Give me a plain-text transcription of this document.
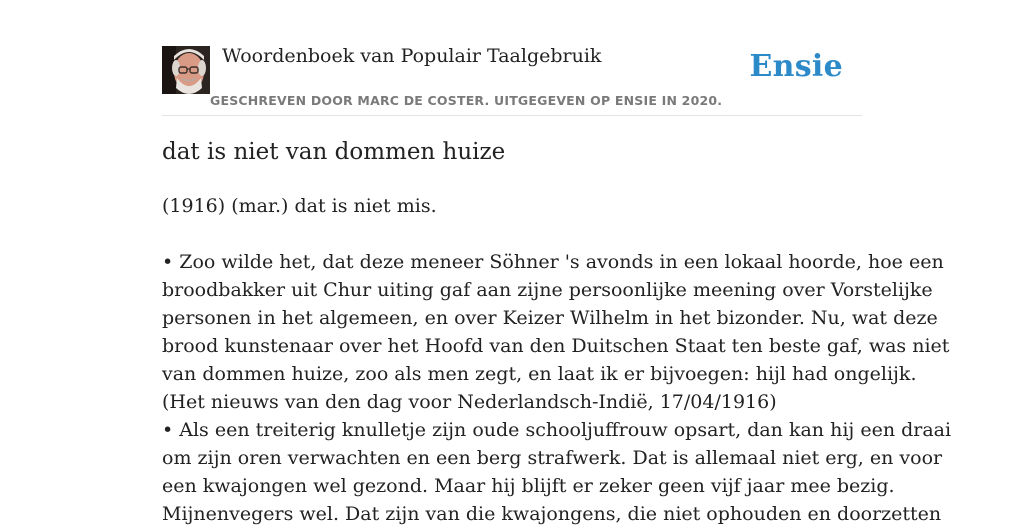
Woordenboek van Populair Taalgebruik
GESCHREVEN DOOR MARC DE COSTER. UITGEGEVEN OP ENSIE IN 2020.
Ensie
dat is niet van dommen huize
(1916) (mar.) dat is niet mis.
• Zoo wilde het, dat deze meneer Söhner 's avonds in een lokaal hoorde, hoe een
broodbakker uit Chur uiting gaf aan zijne persoonlijke meening over Vorstelijke
personen in het algemeen, en over Keizer Wilhelm in het bizonder. Nu, wat deze
brood kunstenaar over het Hoofd van den Duitschen Staat ten beste gaf, was niet
van dommen huize, zoo als men zegt, en laat ik er bijvoegen: hijl had ongelijk.
(Het nieuws van den dag voor Nederlandsch-Indië, 17/04/1916)
• Als een treiterig knulletje zijn oude schooljuffrouw opsart, dan kan hij een draai
om zijn oren verwachten en een berg strafwerk. Dat is allemaal niet erg, en voor
een kwajongen wel gezond. Maar hij blijft er zeker geen vijf jaar mee bezig.
Mijnenvegers wel. Dat zijn van die kwajongens, die niet ophouden en doorzetten
